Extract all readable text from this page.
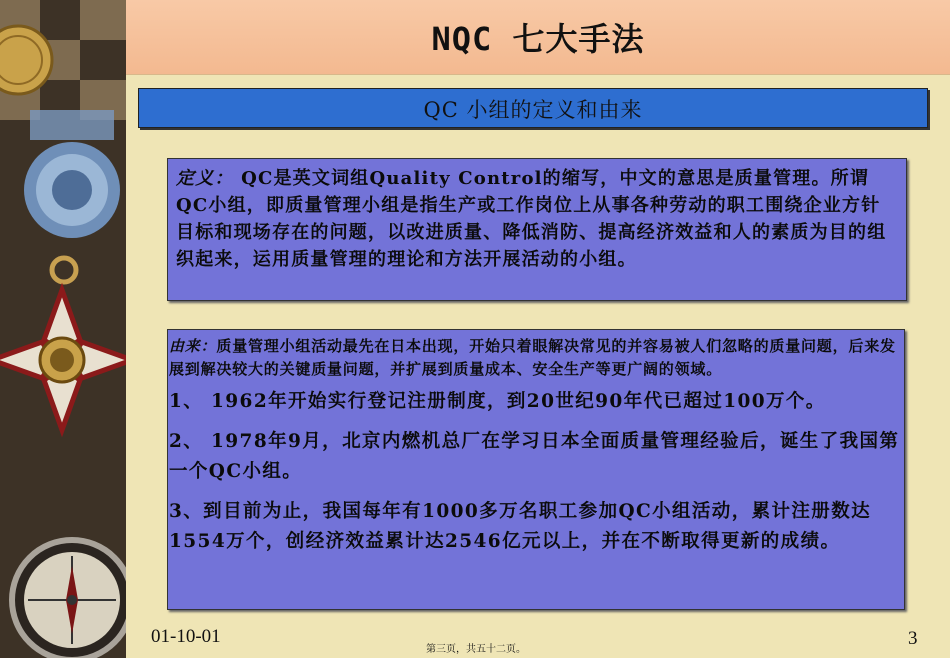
NQC 七大手法
QC 小组的定义和由来

定义： QC是英文词组Quality Control的缩写，中文的意思是质量管理。所谓QC小组，即质量管理小组是指生产或工作岗位上从事各种劳动的职工围绕企业方针目标和现场存在的问题，以改进质量、降低消防、提高经济效益和人的素质为目的组织起来，运用质量管理的理论和方法开展活动的小组。

由来：质量管理小组活动最先在日本出现，开始只着眼解决常见的并容易被人们忽略的质量问题，后来发展到解决较大的关键质量问题，并扩展到质量成本、安全生产等更广阔的领域。

1、 1962年开始实行登记注册制度，到20世纪90年代已超过100万个。

2、 1978年9月，北京内燃机总厂在学习日本全面质量管理经验后，诞生了我国第一个QC小组。

3、到目前为止，我国每年有1000多万名职工参加QC小组活动，累计注册数达1554万个，创经济效益累计达2546亿元以上，并在不断取得更新的成绩。

01-10-01
第三页，共五十二页。
3
